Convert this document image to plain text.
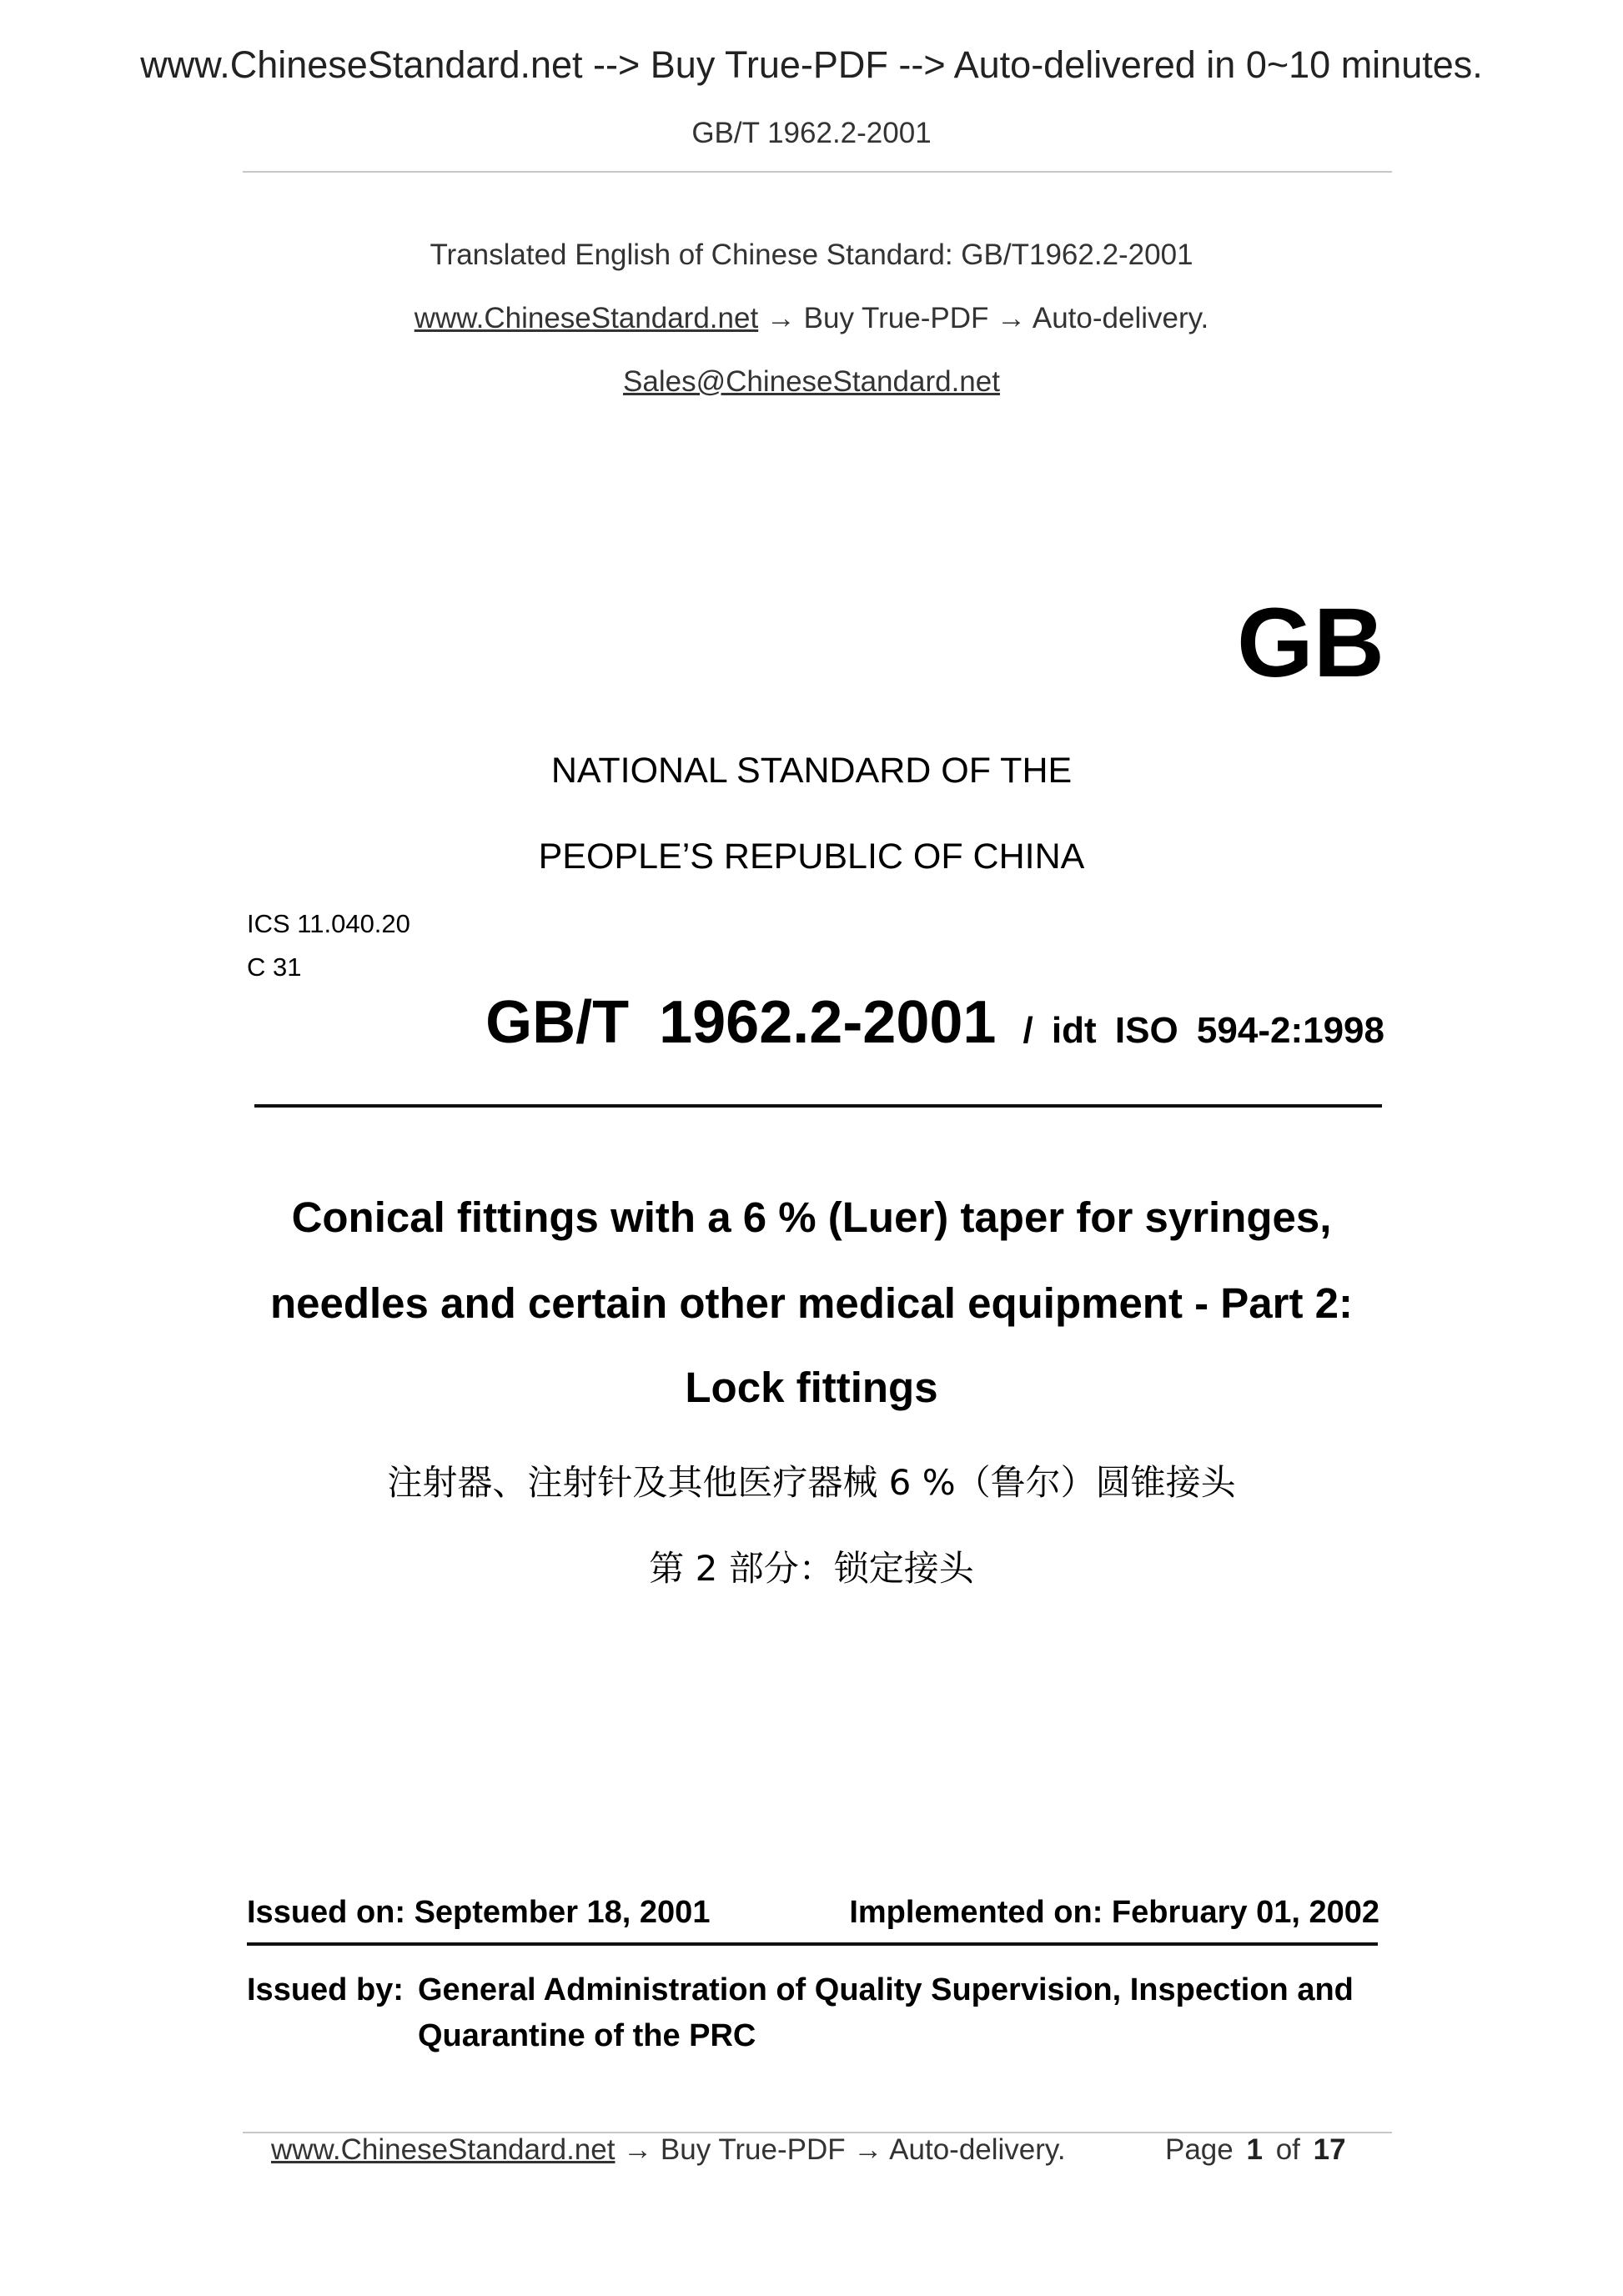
www.ChineseStandard.net --> Buy True-PDF --> Auto-delivered in 0~10 minutes.
GB/T 1962.2-2001
Translated English of Chinese Standard: GB/T1962.2-2001
www.ChineseStandard.net → Buy True-PDF → Auto-delivery.
Sales@ChineseStandard.net
GB
NATIONAL STANDARD OF THE
PEOPLE’S REPUBLIC OF CHINA
ICS 11.040.20
C 31
GB/T 1962.2-2001 / idt ISO 594-2:1998
Conical fittings with a 6 % (Luer) taper for syringes,
needles and certain other medical equipment - Part 2:
Lock fittings
注射器、注射针及其他医疗器械 6 %（鲁尔）圆锥接头
第 2 部分：锁定接头
Issued on: September 18, 2001	Implemented on: February 01, 2002
Issued by: General Administration of Quality Supervision, Inspection and
Quarantine of the PRC
www.ChineseStandard.net → Buy True-PDF → Auto-delivery.	Page 1 of 17
